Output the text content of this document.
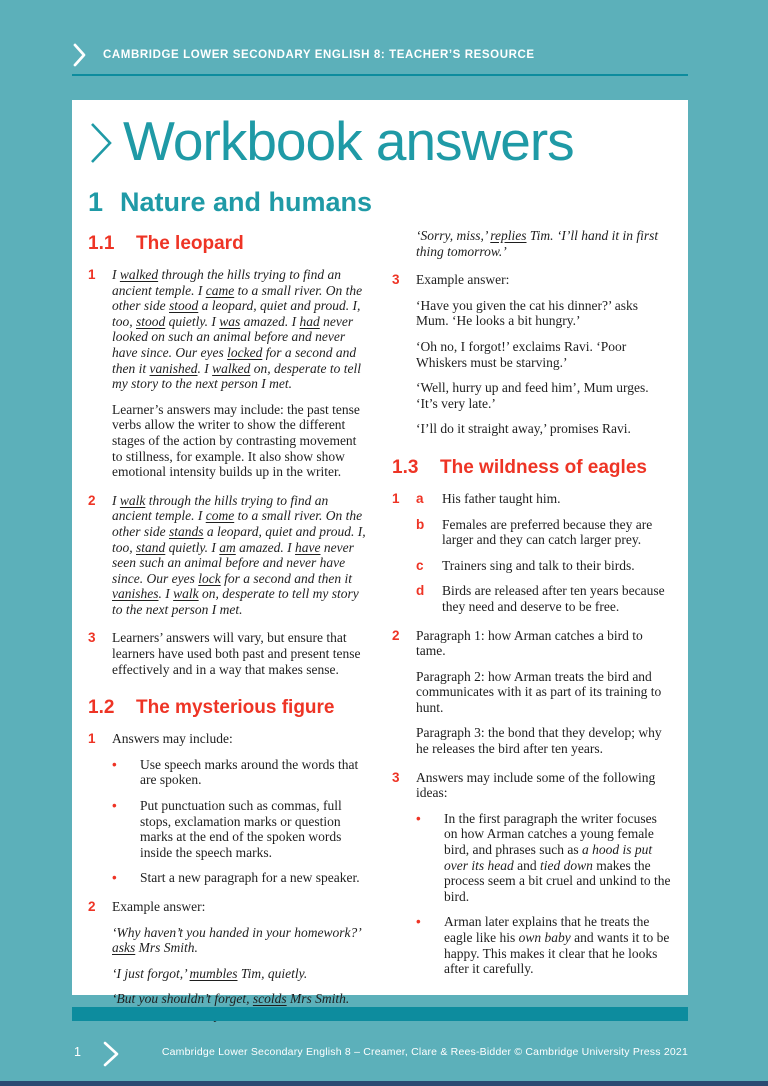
CAMBRIDGE LOWER SECONDARY ENGLISH 8: TEACHER’S RESOURCE
Workbook answers
1 Nature and humans
1.1	The leopard
1	I walked through the hills trying to find an ancient temple. I came to a small river. On the other side stood a leopard, quiet and proud. I, too, stood quietly. I was amazed. I had never looked on such an animal before and never have since. Our eyes locked for a second and then it vanished. I walked on, desperate to tell my story to the next person I met.

Learner’s answers may include: the past tense verbs allow the writer to show the different stages of the action by contrasting movement to stillness, for example. It also show show emotional intensity builds up in the writer.

2	I walk through the hills trying to find an ancient temple. I come to a small river. On the other side stands a leopard, quiet and proud. I, too, stand quietly. I am amazed. I have never seen such an animal before and never have since. Our eyes lock for a second and then it vanishes. I walk on, desperate to tell my story to the next person I met.

3	Learners’ answers will vary, but ensure that learners have used both past and present tense effectively and in a way that makes sense.

1.2	The mysterious figure
1	Answers may include:

•	Use speech marks around the words that are spoken.

•	Put punctuation such as commas, full stops, exclamation marks or question marks at the end of the spoken words inside the speech marks.

•	Start a new paragraph for a new speaker.

2	Example answer:

‘Why haven’t you handed in your homework?’ asks Mrs Smith.

‘I just forgot,’ mumbles Tim, quietly.

‘But you shouldn’t forget, scolds Mrs Smith.

‘Sorry, miss,’ replies Tim. ‘I’ll hand it in first thing tomorrow.’

3	Example answer:

‘Have you given the cat his dinner?’ asks Mum. ‘He looks a bit hungry.’

‘Oh no, I forgot!’ exclaims Ravi. ‘Poor Whiskers must be starving.’

‘Well, hurry up and feed him’, Mum urges. ‘It’s very late.’

‘I’ll do it straight away,’ promises Ravi.

1.3	The wildness of eagles
1	a	His father taught him.

b	Females are preferred because they are larger and they can catch larger prey.

c	Trainers sing and talk to their birds.

d	Birds are released after ten years because they need and deserve to be free.

2	Paragraph 1: how Arman catches a bird to tame.

Paragraph 2: how Arman treats the bird and communicates with it as part of its training to hunt.

Paragraph 3: the bond that they develop; why he releases the bird after ten years.

3	Answers may include some of the following ideas:

•	In the first paragraph the writer focuses on how Arman catches a young female bird, and phrases such as a hood is put over its head and tied down makes the process seem a bit cruel and unkind to the bird.

•	Arman later explains that he treats the eagle like his own baby and wants it to be happy. This makes it clear that he looks after it carefully.

1	Cambridge Lower Secondary English 8 – Creamer, Clare & Rees-Bidder © Cambridge University Press 2021
